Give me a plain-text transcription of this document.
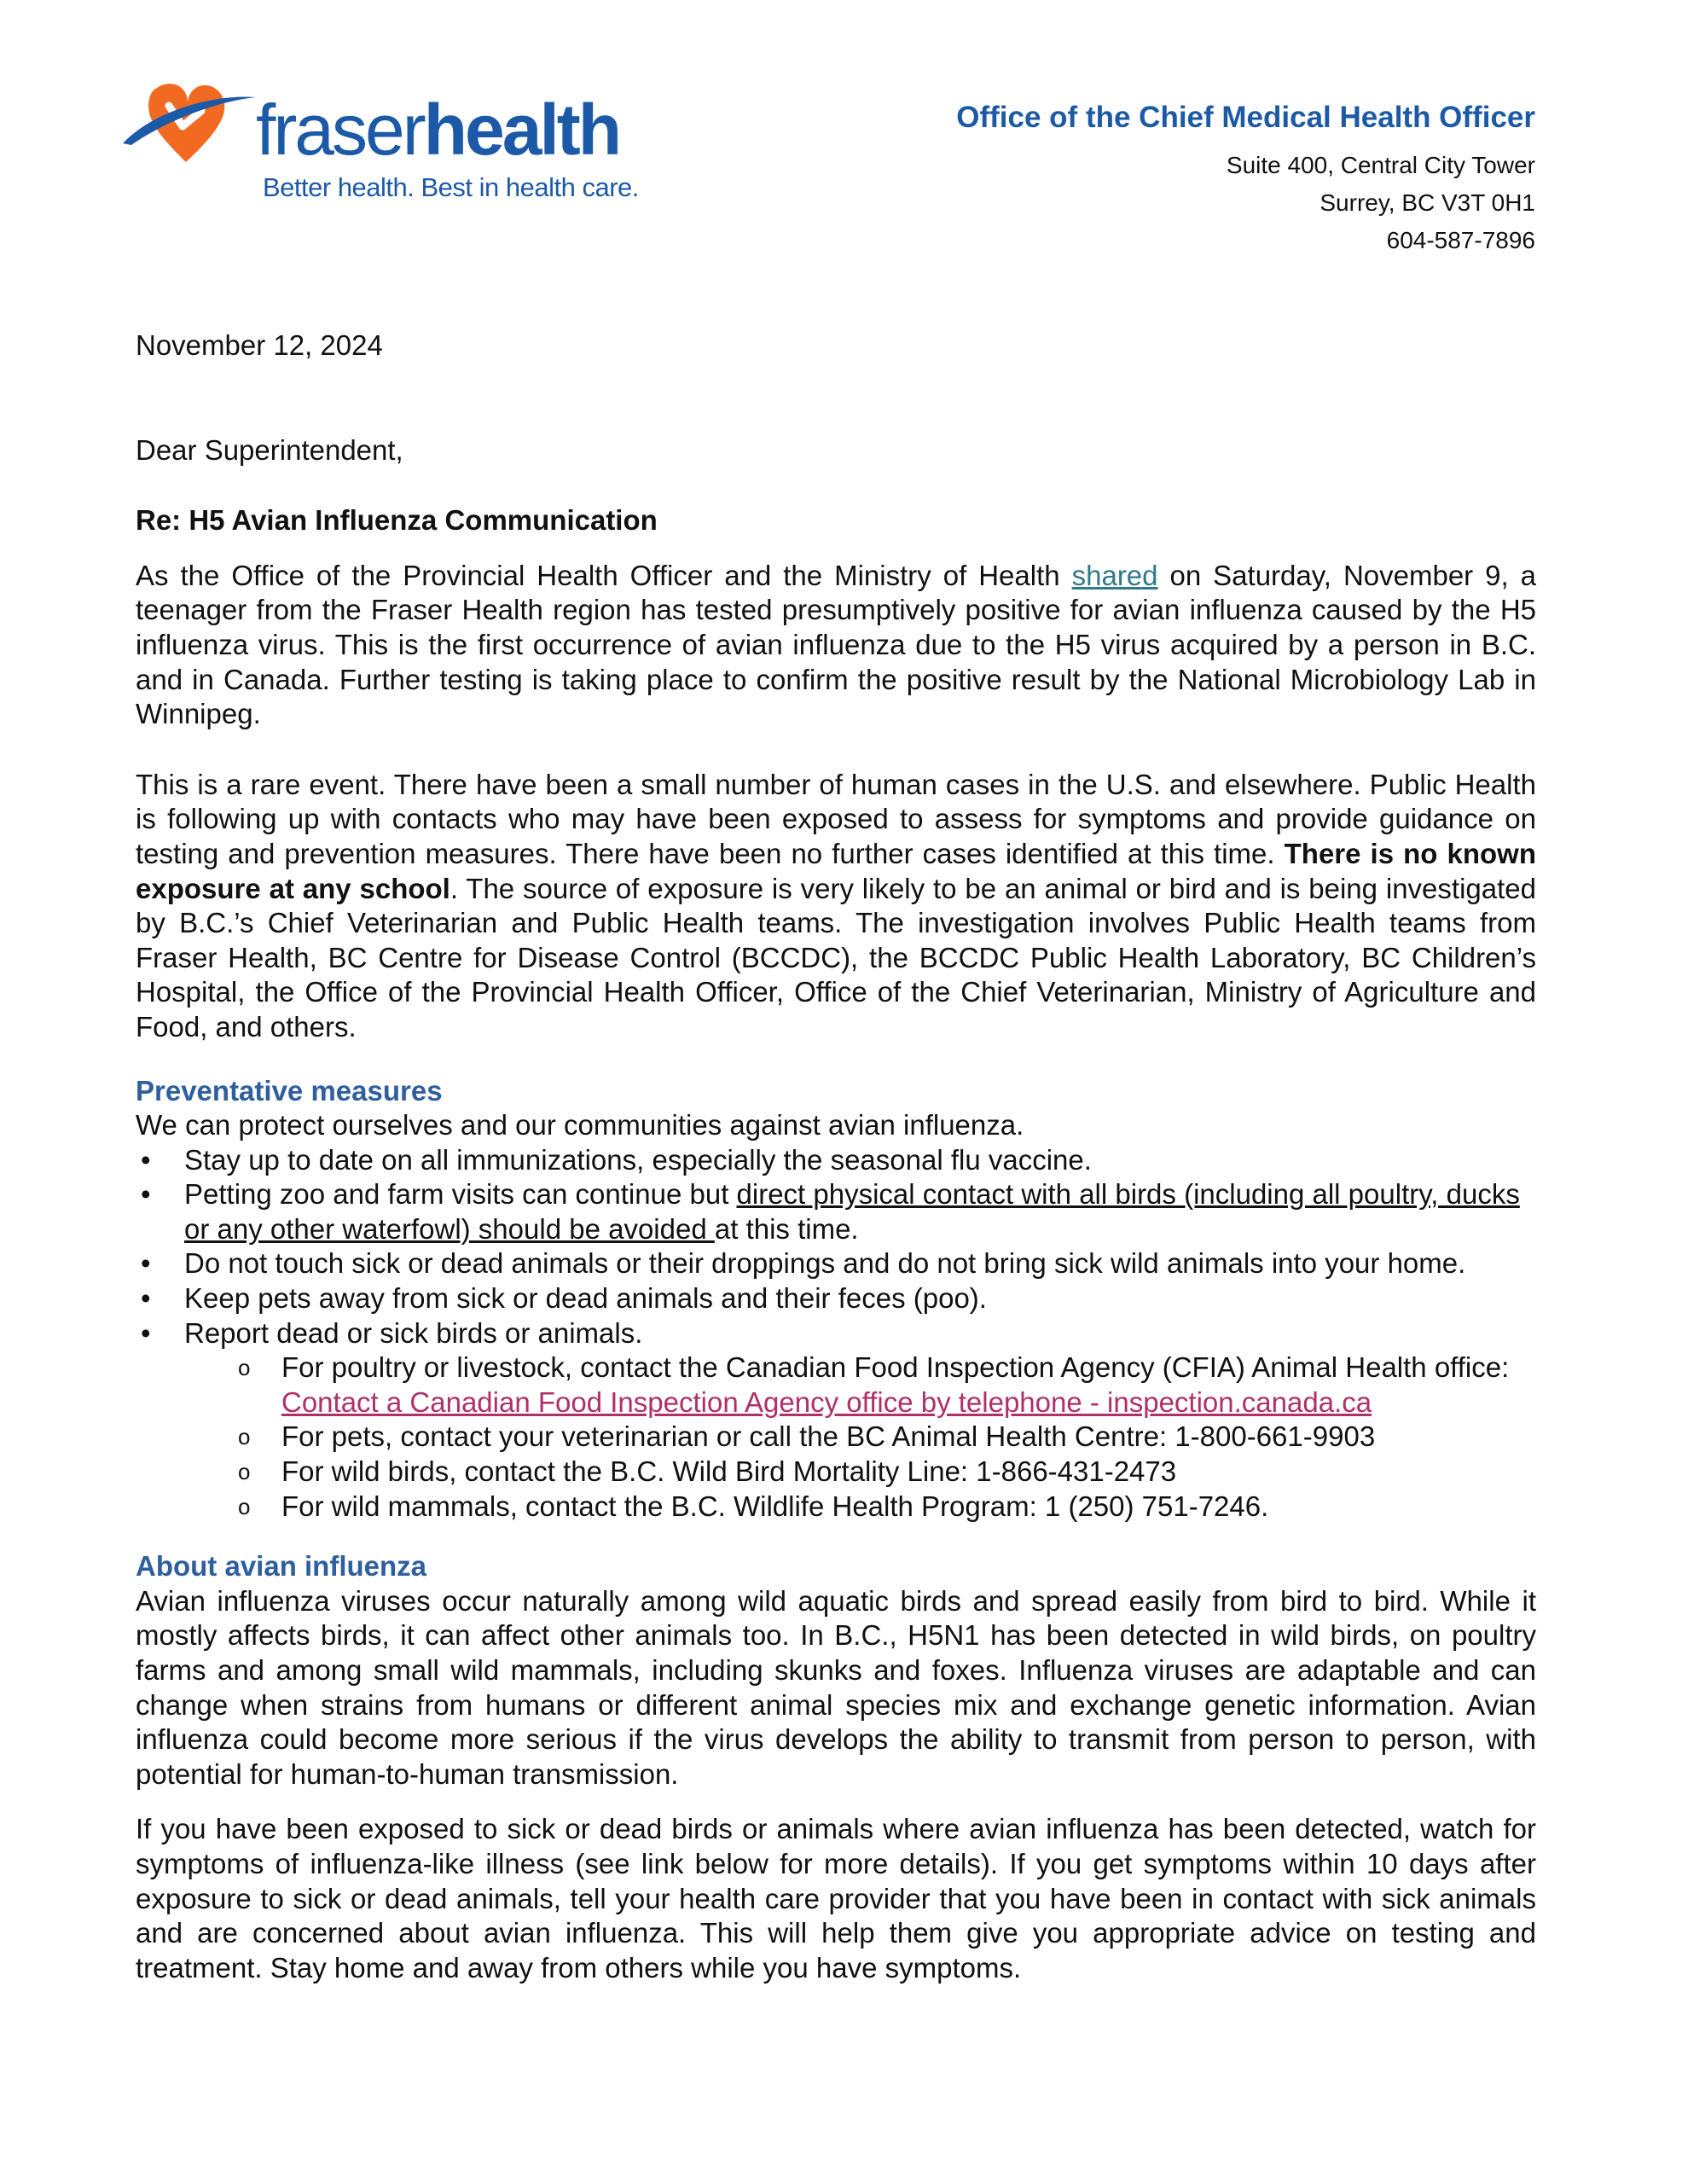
fraserhealth
Better health. Best in health care.
Office of the Chief Medical Health Officer
Suite 400, Central City Tower
Surrey, BC V3T 0H1
604-587-7896

November 12, 2024

Dear Superintendent,

Re: H5 Avian Influenza Communication

As the Office of the Provincial Health Officer and the Ministry of Health shared on Saturday, November 9, a teenager from the Fraser Health region has tested presumptively positive for avian influenza caused by the H5 influenza virus. This is the first occurrence of avian influenza due to the H5 virus acquired by a person in B.C. and in Canada. Further testing is taking place to confirm the positive result by the National Microbiology Lab in Winnipeg.

This is a rare event. There have been a small number of human cases in the U.S. and elsewhere. Public Health is following up with contacts who may have been exposed to assess for symptoms and provide guidance on testing and prevention measures. There have been no further cases identified at this time. There is no known exposure at any school. The source of exposure is very likely to be an animal or bird and is being investigated by B.C.’s Chief Veterinarian and Public Health teams. The investigation involves Public Health teams from Fraser Health, BC Centre for Disease Control (BCCDC), the BCCDC Public Health Laboratory, BC Children’s Hospital, the Office of the Provincial Health Officer, Office of the Chief Veterinarian, Ministry of Agriculture and Food, and others.

Preventative measures
We can protect ourselves and our communities against avian influenza.
• Stay up to date on all immunizations, especially the seasonal flu vaccine.
• Petting zoo and farm visits can continue but direct physical contact with all birds (including all poultry, ducks or any other waterfowl) should be avoided at this time.
• Do not touch sick or dead animals or their droppings and do not bring sick wild animals into your home.
• Keep pets away from sick or dead animals and their feces (poo).
• Report dead or sick birds or animals.
o For poultry or livestock, contact the Canadian Food Inspection Agency (CFIA) Animal Health office: Contact a Canadian Food Inspection Agency office by telephone - inspection.canada.ca
o For pets, contact your veterinarian or call the BC Animal Health Centre: 1-800-661-9903
o For wild birds, contact the B.C. Wild Bird Mortality Line: 1-866-431-2473
o For wild mammals, contact the B.C. Wildlife Health Program: 1 (250) 751-7246.
About avian influenza

Avian influenza viruses occur naturally among wild aquatic birds and spread easily from bird to bird. While it mostly affects birds, it can affect other animals too. In B.C., H5N1 has been detected in wild birds, on poultry farms and among small wild mammals, including skunks and foxes. Influenza viruses are adaptable and can change when strains from humans or different animal species mix and exchange genetic information. Avian influenza could become more serious if the virus develops the ability to transmit from person to person, with potential for human-to-human transmission.

If you have been exposed to sick or dead birds or animals where avian influenza has been detected, watch for symptoms of influenza-like illness (see link below for more details). If you get symptoms within 10 days after exposure to sick or dead animals, tell your health care provider that you have been in contact with sick animals and are concerned about avian influenza. This will help them give you appropriate advice on testing and treatment. Stay home and away from others while you have symptoms.
